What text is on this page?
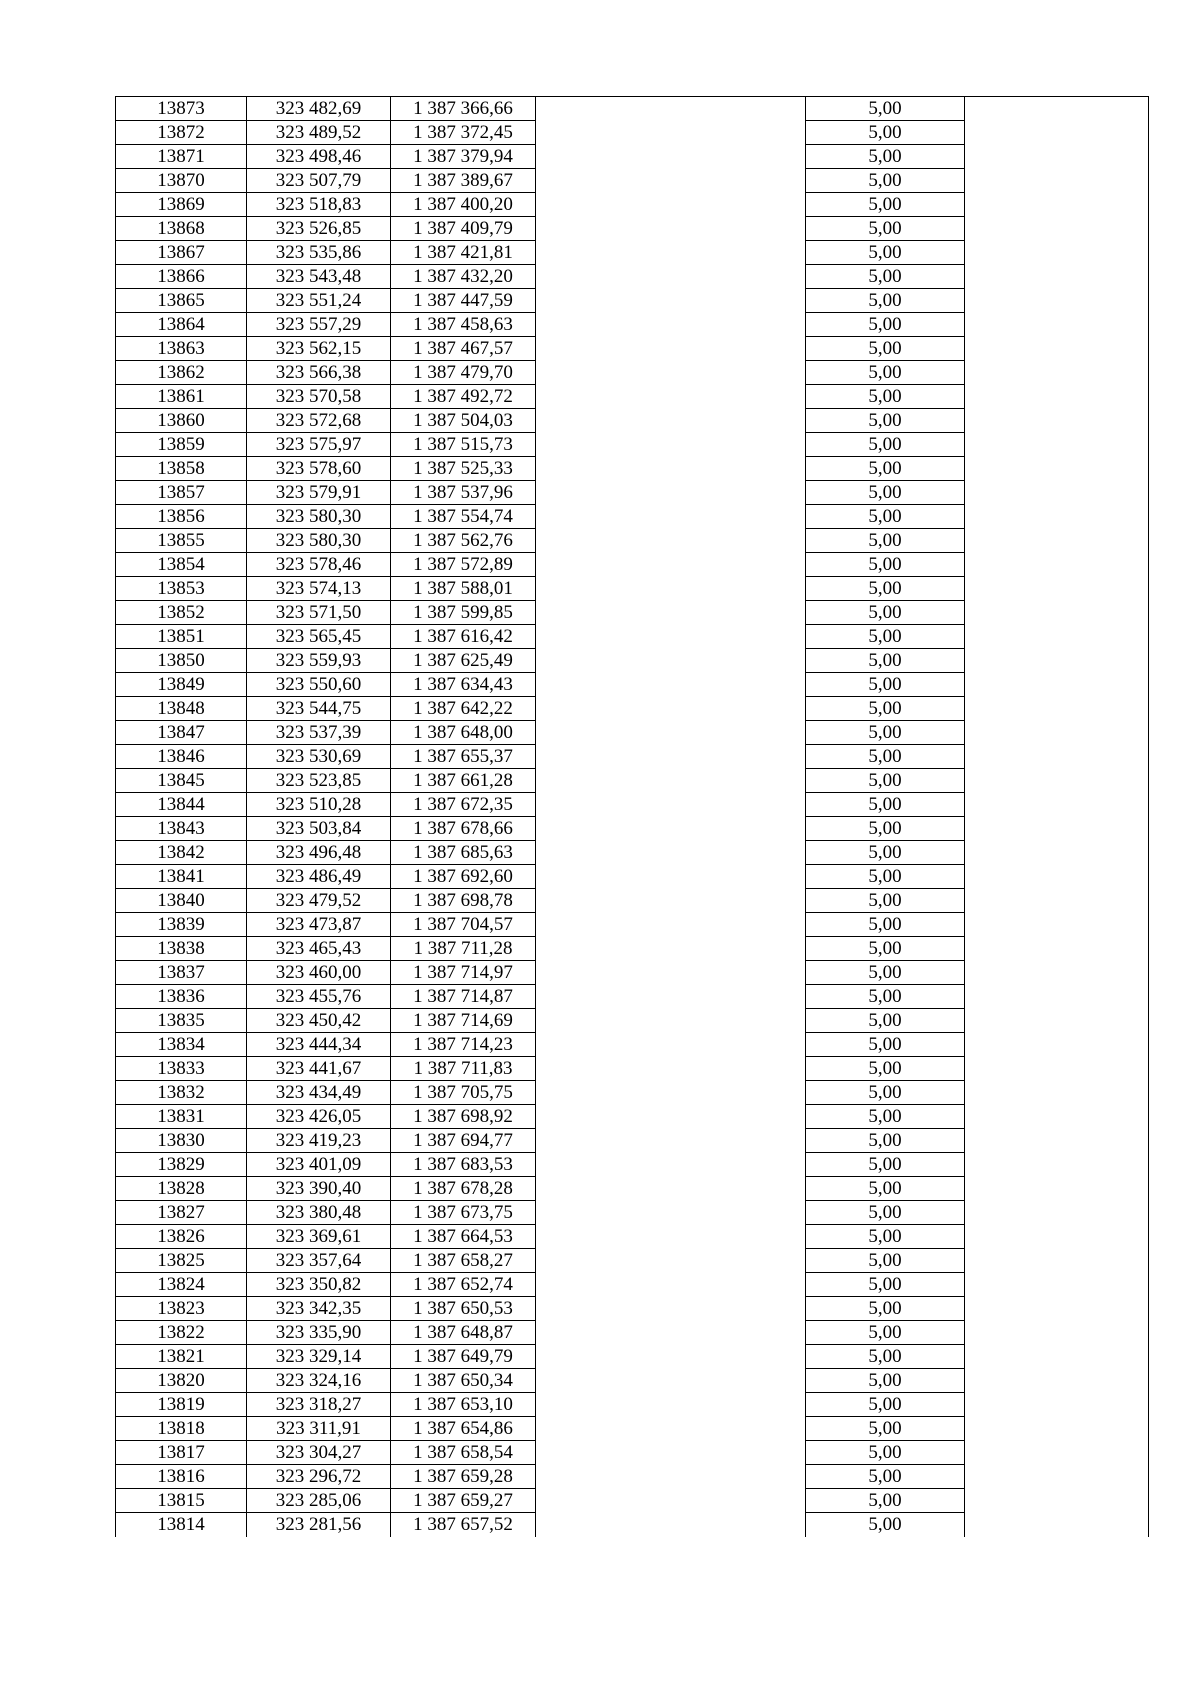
13873	323 482,69	1 387 366,66		5,00	
13872	323 489,52	1 387 372,45		5,00	
13871	323 498,46	1 387 379,94		5,00	
13870	323 507,79	1 387 389,67		5,00	
13869	323 518,83	1 387 400,20		5,00	
13868	323 526,85	1 387 409,79		5,00	
13867	323 535,86	1 387 421,81		5,00	
13866	323 543,48	1 387 432,20		5,00	
13865	323 551,24	1 387 447,59		5,00	
13864	323 557,29	1 387 458,63		5,00	
13863	323 562,15	1 387 467,57		5,00	
13862	323 566,38	1 387 479,70		5,00	
13861	323 570,58	1 387 492,72		5,00	
13860	323 572,68	1 387 504,03		5,00	
13859	323 575,97	1 387 515,73		5,00	
13858	323 578,60	1 387 525,33		5,00	
13857	323 579,91	1 387 537,96		5,00	
13856	323 580,30	1 387 554,74		5,00	
13855	323 580,30	1 387 562,76		5,00	
13854	323 578,46	1 387 572,89		5,00	
13853	323 574,13	1 387 588,01		5,00	
13852	323 571,50	1 387 599,85		5,00	
13851	323 565,45	1 387 616,42		5,00	
13850	323 559,93	1 387 625,49		5,00	
13849	323 550,60	1 387 634,43		5,00	
13848	323 544,75	1 387 642,22		5,00	
13847	323 537,39	1 387 648,00		5,00	
13846	323 530,69	1 387 655,37		5,00	
13845	323 523,85	1 387 661,28		5,00	
13844	323 510,28	1 387 672,35		5,00	
13843	323 503,84	1 387 678,66		5,00	
13842	323 496,48	1 387 685,63		5,00	
13841	323 486,49	1 387 692,60		5,00	
13840	323 479,52	1 387 698,78		5,00	
13839	323 473,87	1 387 704,57		5,00	
13838	323 465,43	1 387 711,28		5,00	
13837	323 460,00	1 387 714,97		5,00	
13836	323 455,76	1 387 714,87		5,00	
13835	323 450,42	1 387 714,69		5,00	
13834	323 444,34	1 387 714,23		5,00	
13833	323 441,67	1 387 711,83		5,00	
13832	323 434,49	1 387 705,75		5,00	
13831	323 426,05	1 387 698,92		5,00	
13830	323 419,23	1 387 694,77		5,00	
13829	323 401,09	1 387 683,53		5,00	
13828	323 390,40	1 387 678,28		5,00	
13827	323 380,48	1 387 673,75		5,00	
13826	323 369,61	1 387 664,53		5,00	
13825	323 357,64	1 387 658,27		5,00	
13824	323 350,82	1 387 652,74		5,00	
13823	323 342,35	1 387 650,53		5,00	
13822	323 335,90	1 387 648,87		5,00	
13821	323 329,14	1 387 649,79		5,00	
13820	323 324,16	1 387 650,34		5,00	
13819	323 318,27	1 387 653,10		5,00	
13818	323 311,91	1 387 654,86		5,00	
13817	323 304,27	1 387 658,54		5,00	
13816	323 296,72	1 387 659,28		5,00	
13815	323 285,06	1 387 659,27		5,00	
13814	323 281,56	1 387 657,52		5,00	
